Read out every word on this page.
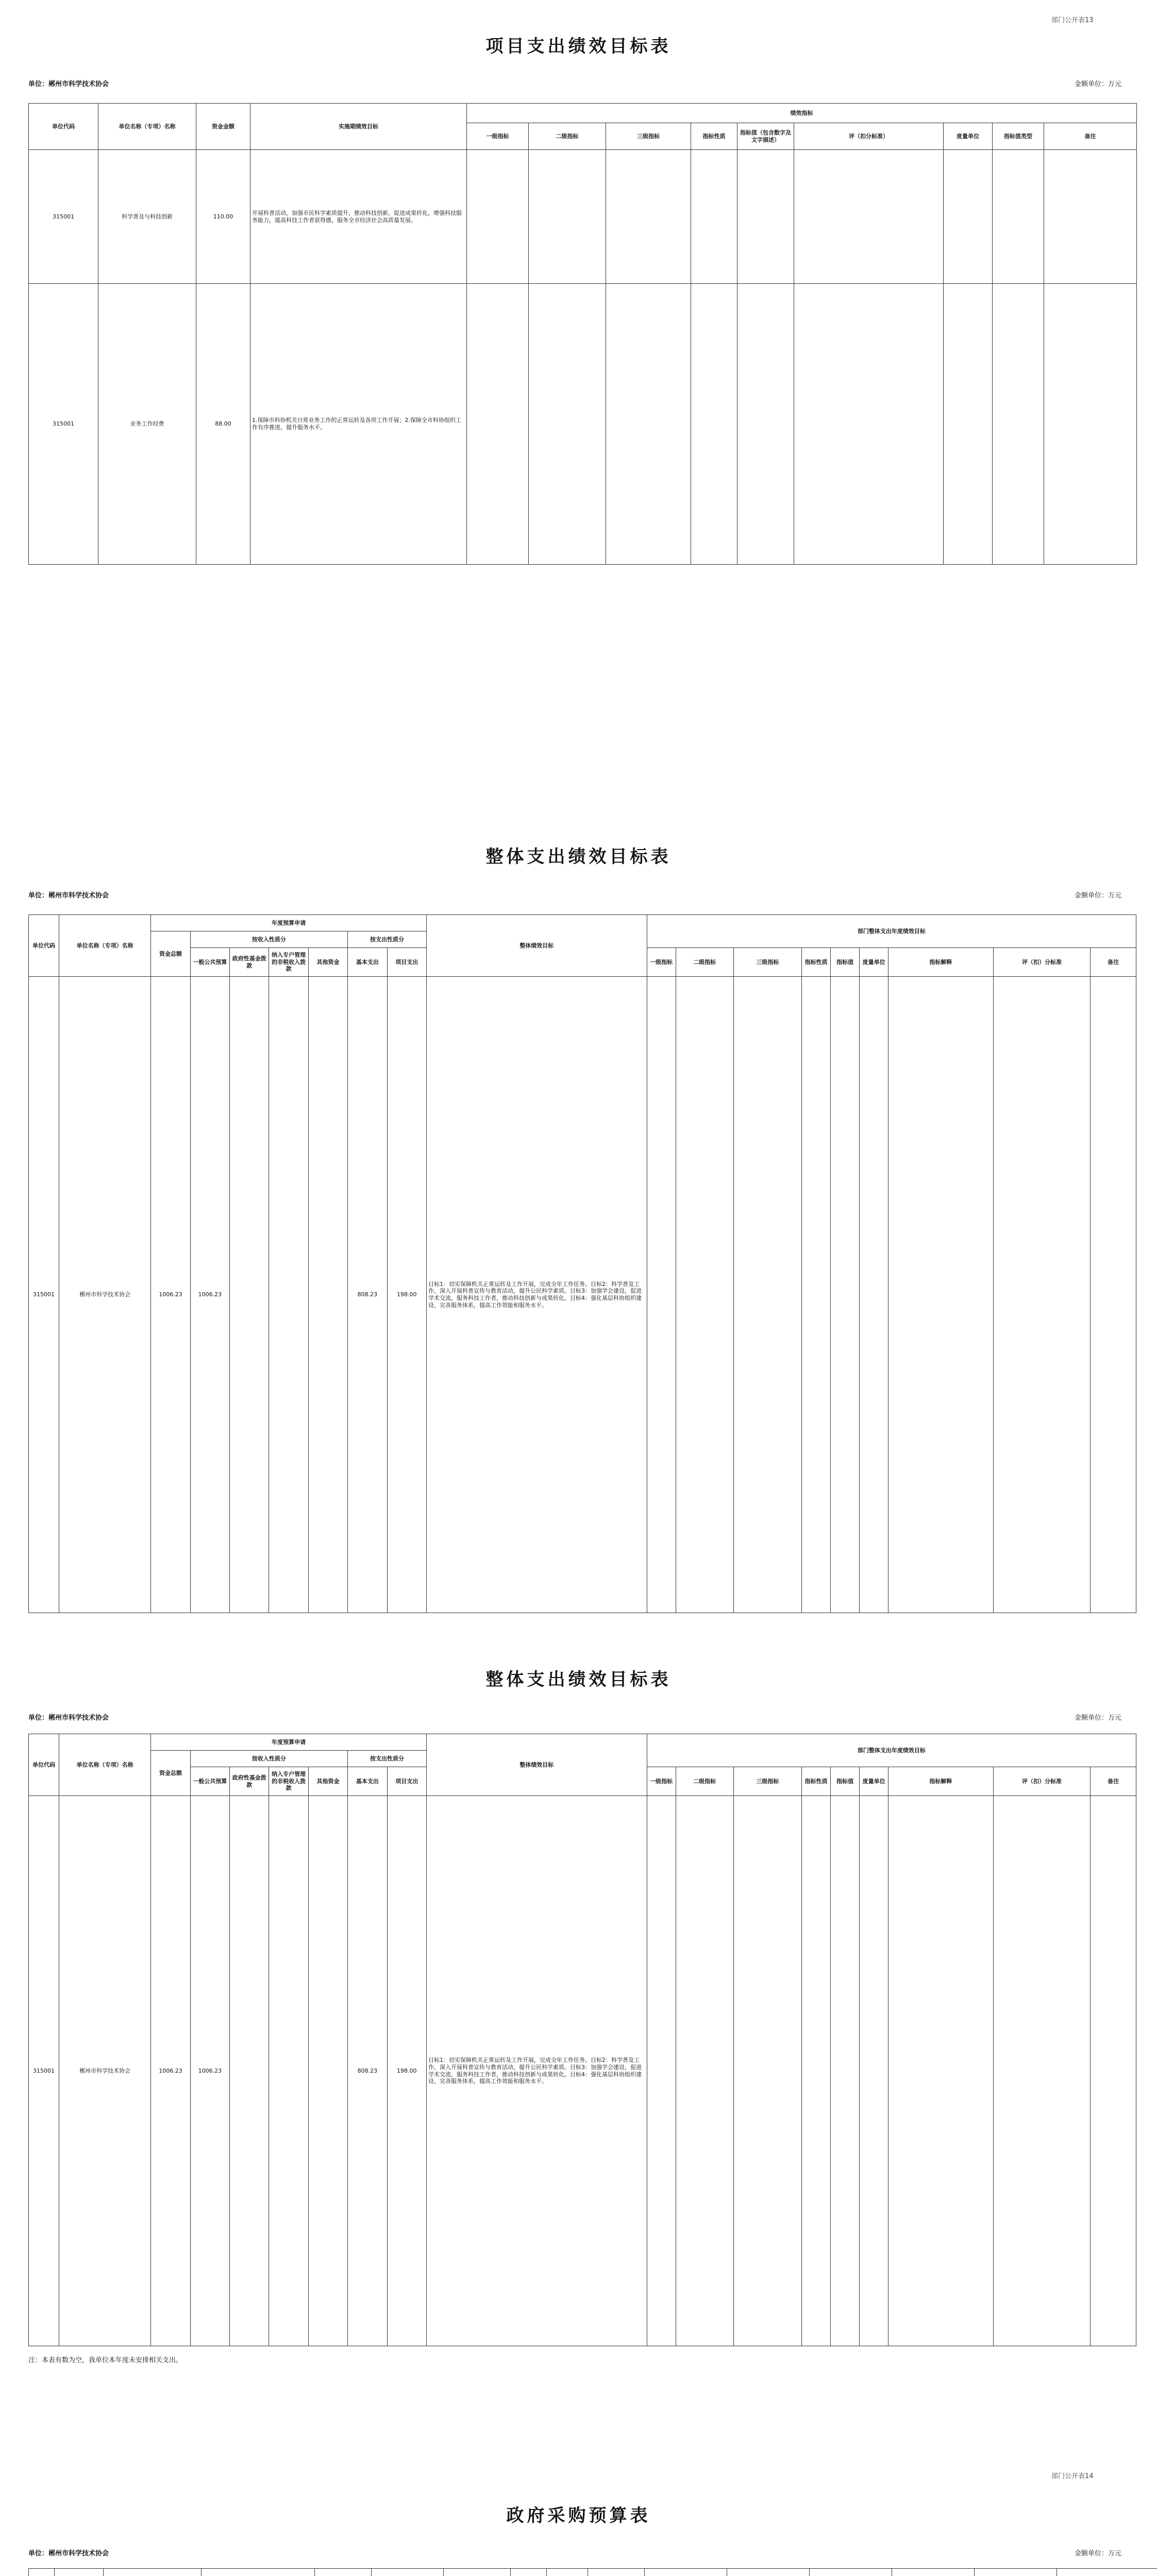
部门公开表13
项目支出绩效目标表
单位：郴州市科学技术协会	金额单位：万元
单位代码	单位名称（专项）名称	资金金额	实施期绩效目标	绩效指标								
				一级指标	二级指标	三级指标	指标性质	指标值（包含数字及文字描述）	评（扣分标准）	度量单位	指标值类型	备注
315001	科学普及与科技创新	110.00	开展科普活动，加强市民科学素质提升，推动科技创新，促进成果转化，增强科技服务能力，提高科技工作者获得感，服务全市经济社会高质量发展。									
315001	业务工作经费	88.00	1.保障市科协机关日常业务工作的正常运转及各项工作开展；2.保障全市科协组织工作有序推进，提升服务水平。									
整体支出绩效目标表
单位：郴州市科学技术协会	金额单位：万元
单位代码	单位名称（专项）名称	年度预算申请							整体绩效目标	部门整体支出年度绩效目标								
		资金总额	按收入性质分				按支出性质分											
			一般公共预算	政府性基金拨款	纳入专户管理的非税收入拨款	其他资金	基本支出	项目支出		一级指标	二级指标	三级指标	指标性质	指标值	度量单位	指标解释	评（扣）分标准	备注
315001	郴州市科学技术协会	1006.23	1006.23				808.23	198.00	目标1：切实保障机关正常运转及工作开展，完成全年工作任务。目标2：科学普及工作，深入开展科普宣传与教育活动，提升公民科学素质。目标3：加强学会建设，促进学术交流，服务科技工作者，推动科技创新与成果转化。目标4：强化基层科协组织建设，完善服务体系，提高工作效能和服务水平。									
整体支出绩效目标表
单位：郴州市科学技术协会	金额单位：万元
单位代码	单位名称（专项）名称	年度预算申请							整体绩效目标	部门整体支出年度绩效目标								
		资金总额	按收入性质分				按支出性质分											
			一般公共预算	政府性基金拨款	纳入专户管理的非税收入拨款	其他资金	基本支出	项目支出		一级指标	二级指标	三级指标	指标性质	指标值	度量单位	指标解释	评（扣）分标准	备注
315001	郴州市科学技术协会	1006.23	1006.23				808.23	198.00	目标1：切实保障机关正常运转及工作开展，完成全年工作任务。目标2：科学普及工作，深入开展科普宣传与教育活动，提升公民科学素质。目标3：加强学会建设，促进学术交流，服务科技工作者，推动科技创新与成果转化。目标4：强化基层科协组织建设，完善服务体系，提高工作效能和服务水平。									
注：本表有数为空，我单位本年度未安排相关支出。
部门公开表14
政府采购预算表
单位：郴州市科学技术协会	金额单位：万元
